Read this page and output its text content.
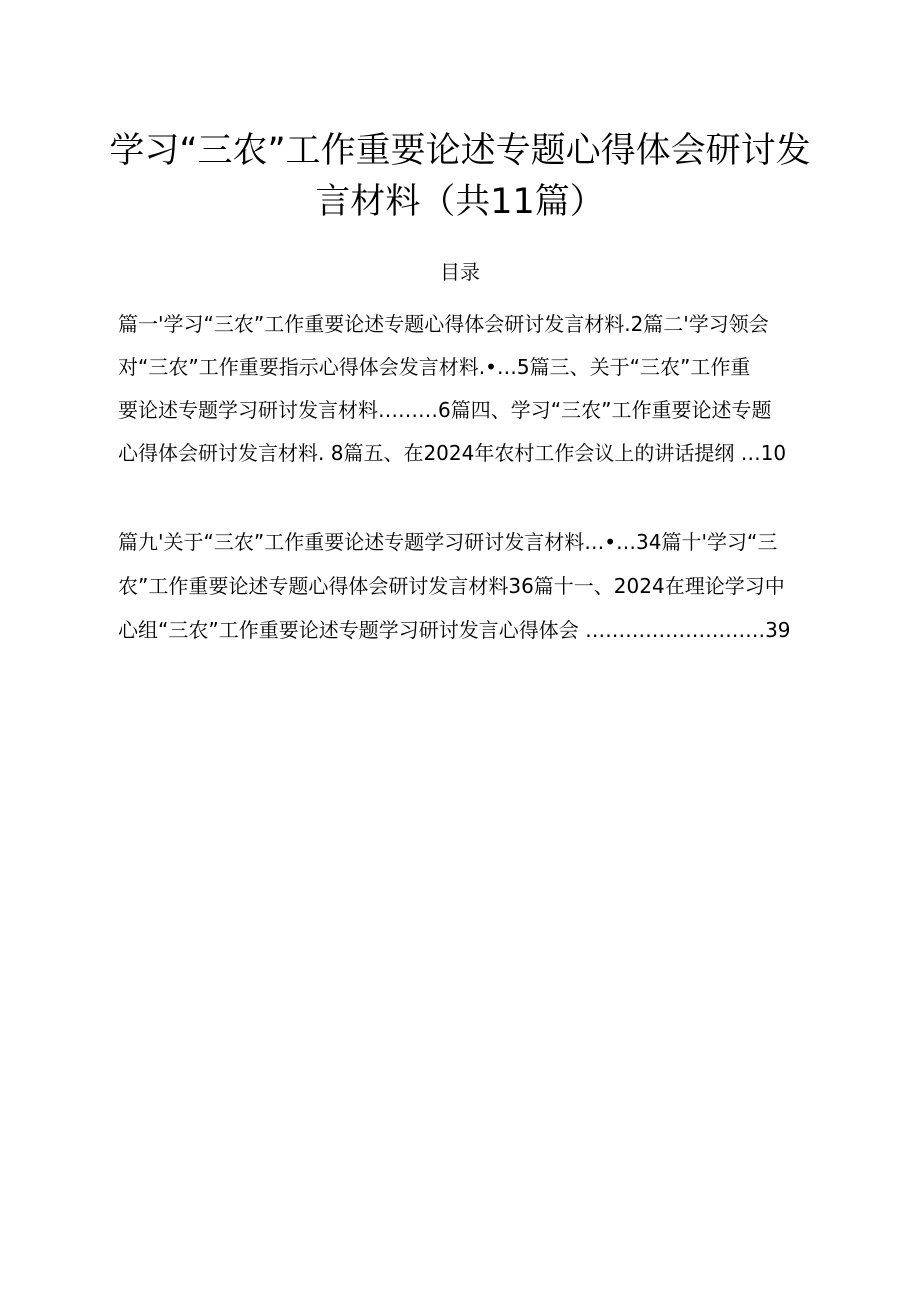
学习“三农”工作重要论述专题心得体会研讨发
言材料（共11篇）
目录

篇一'学习“三农”工作重要论述专题心得体会研讨发言材料.2篇二'学习领会

对“三农”工作重要指示心得体会发言材料.•…5篇三、关于“三农”工作重

要论述专题学习研讨发言材料………6篇四、学习“三农”工作重要论述专题

心得体会研讨发言材料. 8篇五、在2024年农村工作会议上的讲话提纲 …10

篇九'关于“三农”工作重要论述专题学习研讨发言材料…•…34篇十'学习“三

农”工作重要论述专题心得体会研讨发言材料36篇十一、2024在理论学习中

心组“三农”工作重要论述专题学习研讨发言心得体会 ………………………39
